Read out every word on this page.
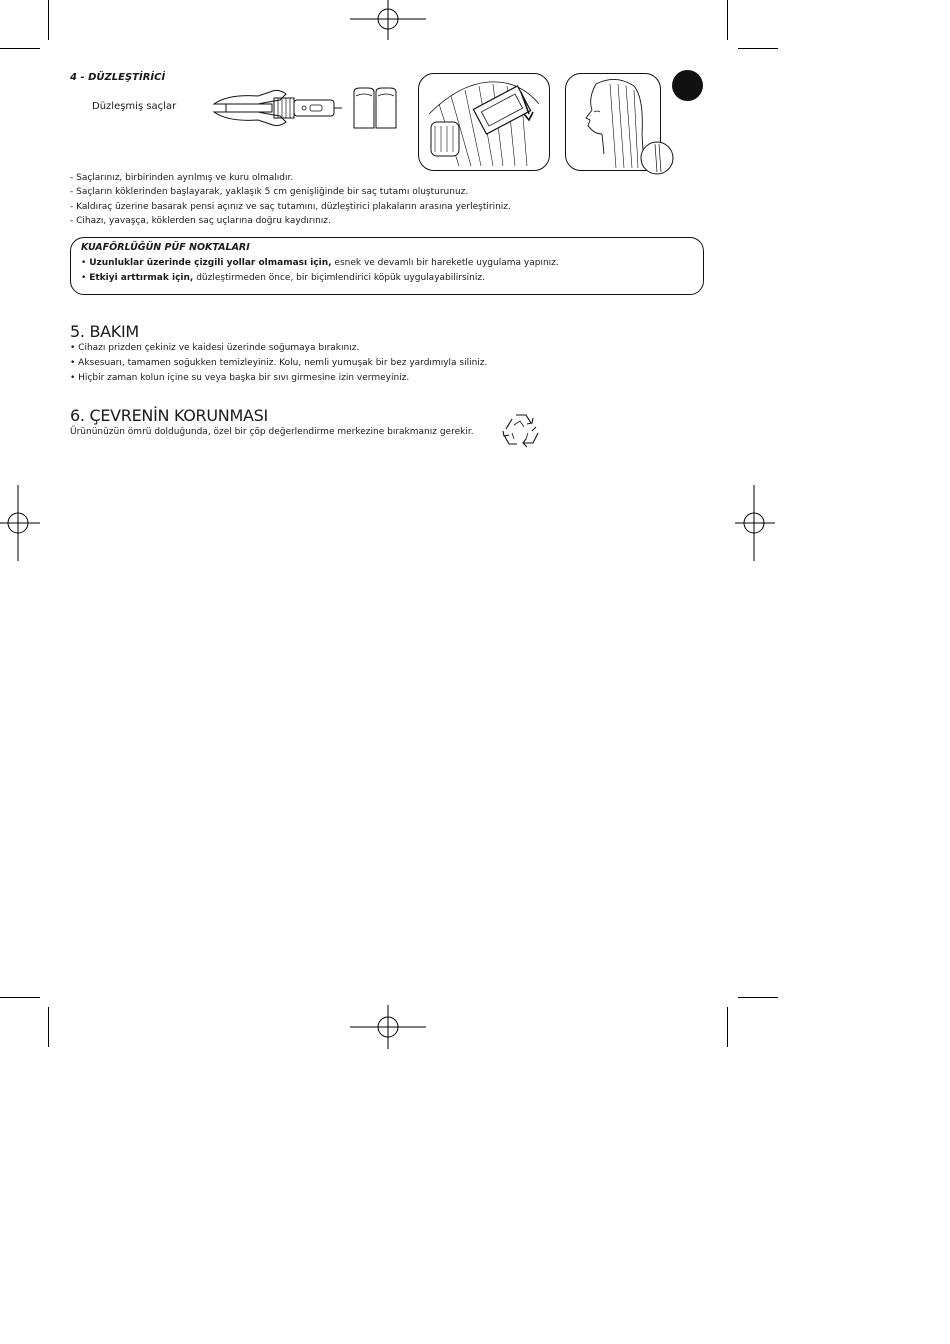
4 - DÜZLEŞTİRİCİ
Düzleşmiş saçlar
- Saçlarınız, birbirinden ayrılmış ve kuru olmalıdır.
- Saçların köklerinden başlayarak, yaklaşık 5 cm genişliğinde bir saç tutamı oluşturunuz.
- Kaldıraç üzerine basarak pensi açınız ve saç tutamını, düzleştirici plakaların arasına yerleştiriniz.
- Cihazı, yavaşça, köklerden saç uçlarına doğru kaydırınız.
KUAFÖRLÜĞÜN PÜF NOKTALARI
• Uzunluklar üzerinde çizgili yollar olmaması için, esnek ve devamlı bir hareketle uygulama yapınız.
• Etkiyi arttırmak için, düzleştirmeden önce, bir biçimlendirici köpük uygulayabilirsiniz.
5. BAKIM
• Cihazı prizden çekiniz ve kaidesi üzerinde soğumaya bırakınız.
• Aksesuarı, tamamen soğukken temizleyiniz. Kolu, nemli yumuşak bir bez yardımıyla siliniz.
• Hiçbir zaman kolun içine su veya başka bir sıvı girmesine izin vermeyiniz.
6. ÇEVRENİN KORUNMASI
Ürününüzün ömrü dolduğunda, özel bir çöp değerlendirme merkezine bırakmanız gerekir.
